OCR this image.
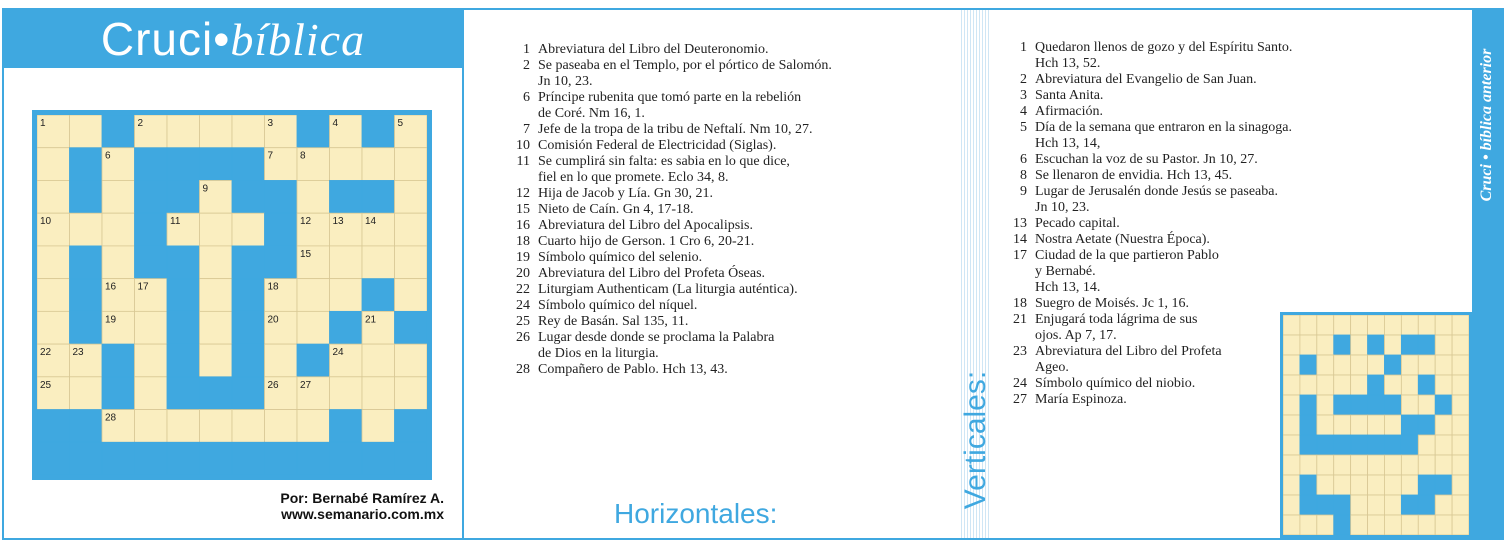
Cruci•bíblica
1	2	3	4	5
6	7	8
9
10	11	12 13 14
15
16 17	18
19	20	21
22 23	24
25	26 27
28
Por: Bernabé Ramírez A.
www.semanario.com.mx
1 Abreviatura del Libro del Deuteronomio.
2 Se paseaba en el Templo, por el pórtico de Salomón.
Jn 10, 23.
6 Príncipe rubenita que tomó parte en la rebelión
de Coré. Nm 16, 1.
7 Jefe de la tropa de la tribu de Neftalí. Nm 10, 27.
10 Comisión Federal de Electricidad (Siglas).
11 Se cumplirá sin falta: es sabia en lo que dice,
fiel en lo que promete. Eclo 34, 8.
12 Hija de Jacob y Lía. Gn 30, 21.
15 Nieto de Caín. Gn 4, 17-18.
16 Abreviatura del Libro del Apocalipsis.
18 Cuarto hijo de Gerson. 1 Cro 6, 20-21.
19 Símbolo químico del selenio.
20 Abreviatura del Libro del Profeta Óseas.
22 Liturgiam Authenticam (La liturgia auténtica).
24 Símbolo químico del níquel.
25 Rey de Basán. Sal 135, 11.
26 Lugar desde donde se proclama la Palabra
de Dios en la liturgia.
28 Compañero de Pablo. Hch 13, 43.
Horizontales:
Verticales:
1 Quedaron llenos de gozo y del Espíritu Santo.
Hch 13, 52.
2 Abreviatura del Evangelio de San Juan.
3 Santa Anita.
4 Afirmación.
5 Día de la semana que entraron en la sinagoga.
Hch 13, 14,
6 Escuchan la voz de su Pastor. Jn 10, 27.
8 Se llenaron de envidia. Hch 13, 45.
9 Lugar de Jerusalén donde Jesús se paseaba.
Jn 10, 23.
13 Pecado capital.
14 Nostra Aetate (Nuestra Época).
17 Ciudad de la que partieron Pablo
y Bernabé.
Hch 13, 14.
18 Suegro de Moisés. Jc 1, 16.
21 Enjugará toda lágrima de sus
ojos. Ap 7, 17.
23 Abreviatura del Libro del Profeta
Ageo.
24 Símbolo químico del niobio.
27 María Espinoza.
Cruci • bíblica anterior
